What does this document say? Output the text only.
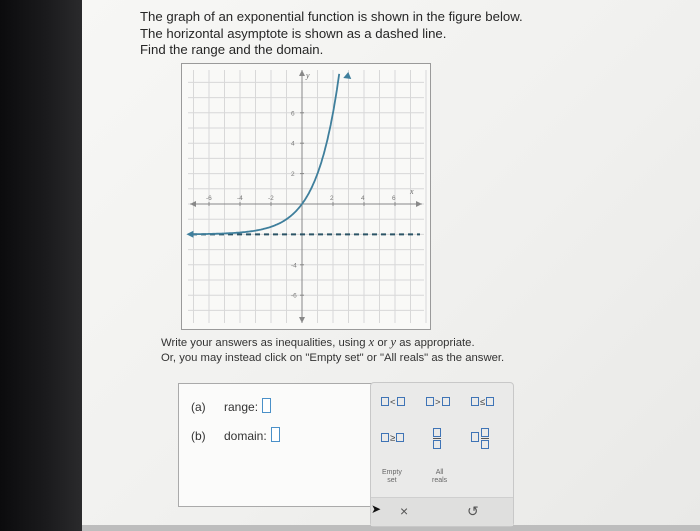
The graph of an exponential function is shown in the figure below.
The horizontal asymptote is shown as a dashed line.
Find the range and the domain.
x
y
-6	-4	-2	2	4	6
6
4
2
-4
-6
Write your answers as inequalities, using x or y as appropriate.
Or, you may instead click on "Empty set" or "All reals" as the answer.
(a) range:
(b) domain:
<	>	≤
≥
Empty
set
All
reals
×	↺
➤
